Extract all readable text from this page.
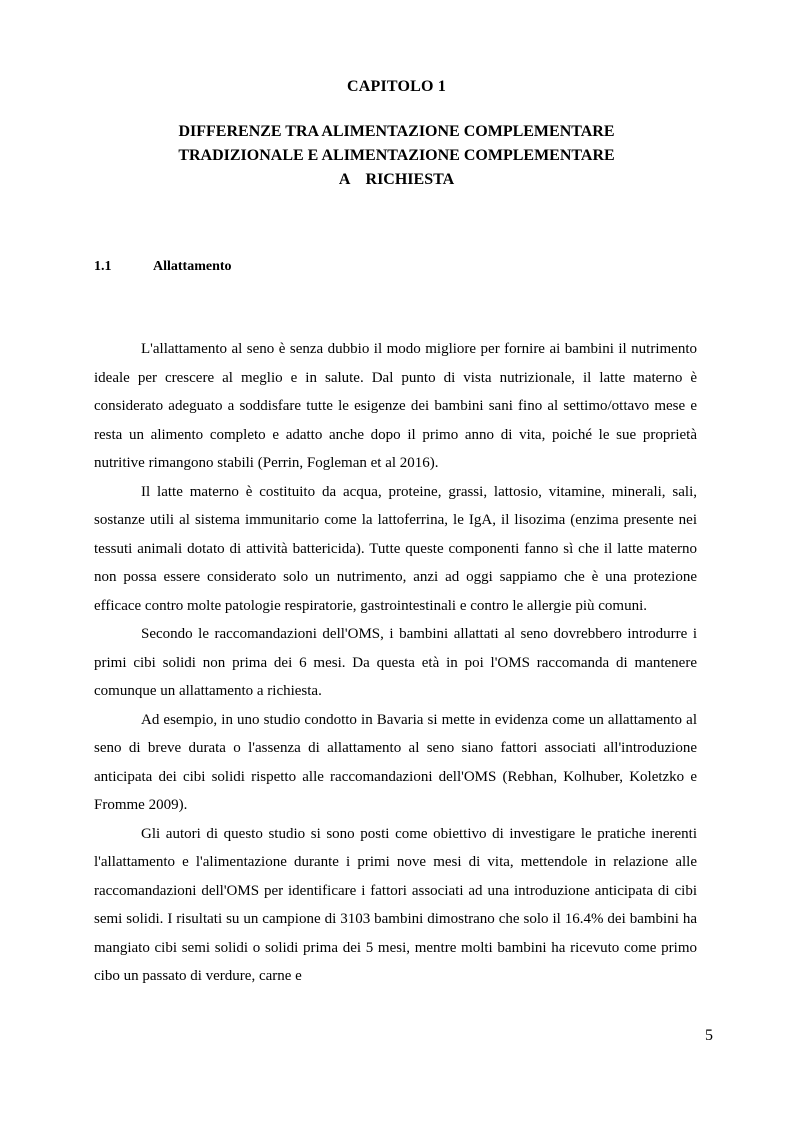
CAPITOLO 1
DIFFERENZE TRA ALIMENTAZIONE COMPLEMENTARE
TRADIZIONALE E ALIMENTAZIONE COMPLEMENTARE
A    RICHIESTA
1.1	Allattamento

L'allattamento al seno è senza dubbio il modo migliore per fornire ai bambini il nutrimento ideale per crescere al meglio e in salute. Dal punto di vista nutrizionale, il latte materno è considerato adeguato a soddisfare tutte le esigenze dei bambini sani fino al settimo/ottavo mese e resta un alimento completo e adatto anche dopo il primo anno di vita, poiché le sue proprietà nutritive rimangono stabili (Perrin, Fogleman et al 2016).

Il latte materno è costituito da acqua, proteine, grassi, lattosio, vitamine, minerali, sali, sostanze utili al sistema immunitario come la lattoferrina, le IgA, il lisozima (enzima presente nei tessuti animali dotato di attività battericida). Tutte queste componenti fanno sì che il latte materno non possa essere considerato solo un nutrimento, anzi ad oggi sappiamo che è una protezione efficace contro molte patologie respiratorie, gastrointestinali e contro le allergie più comuni.

Secondo le raccomandazioni dell'OMS, i bambini allattati al seno dovrebbero introdurre i primi cibi solidi non prima dei 6 mesi. Da questa età in poi l'OMS raccomanda di mantenere comunque un allattamento a richiesta.

Ad esempio, in uno studio condotto in Bavaria si mette in evidenza come un allattamento al seno di breve durata o l'assenza di allattamento al seno siano fattori associati all'introduzione anticipata dei cibi solidi rispetto alle raccomandazioni dell'OMS (Rebhan, Kolhuber, Koletzko e Fromme 2009).

Gli autori di questo studio si sono posti come obiettivo di investigare le pratiche inerenti l'allattamento e l'alimentazione durante i primi nove mesi di vita, mettendole in relazione alle raccomandazioni dell'OMS per identificare i fattori associati ad una introduzione anticipata di cibi semi solidi. I risultati su un campione di 3103 bambini dimostrano che solo il 16.4% dei bambini ha mangiato cibi semi solidi o solidi prima dei 5 mesi, mentre molti bambini ha ricevuto come primo cibo un passato di verdure, carne e

5
